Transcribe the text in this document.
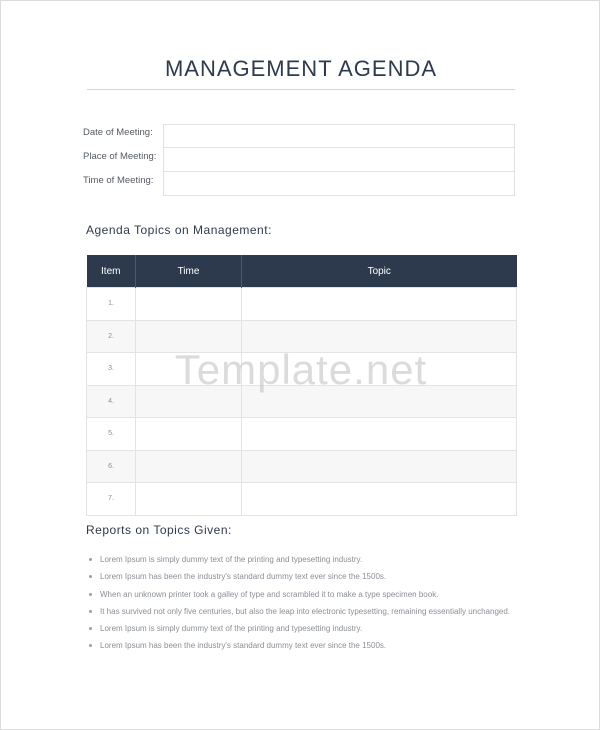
MANAGEMENT AGENDA
Date of Meeting:
Place of Meeting:
Time of Meeting:
Agenda Topics on Management:
Item	Time	Topic
1.		
2.		
3.		
4.		
5.		
6.		
7.		
Template.net
Reports on Topics Given:
Lorem Ipsum is simply dummy text of the printing and typesetting industry.
Lorem Ipsum has been the industry's standard dummy text ever since the 1500s.
When an unknown printer took a galley of type and scrambled it to make a type specimen book.
It has survived not only five centuries, but also the leap into electronic typesetting, remaining essentially unchanged.
Lorem Ipsum is simply dummy text of the printing and typesetting industry.
Lorem Ipsum has been the industry's standard dummy text ever since the 1500s.
